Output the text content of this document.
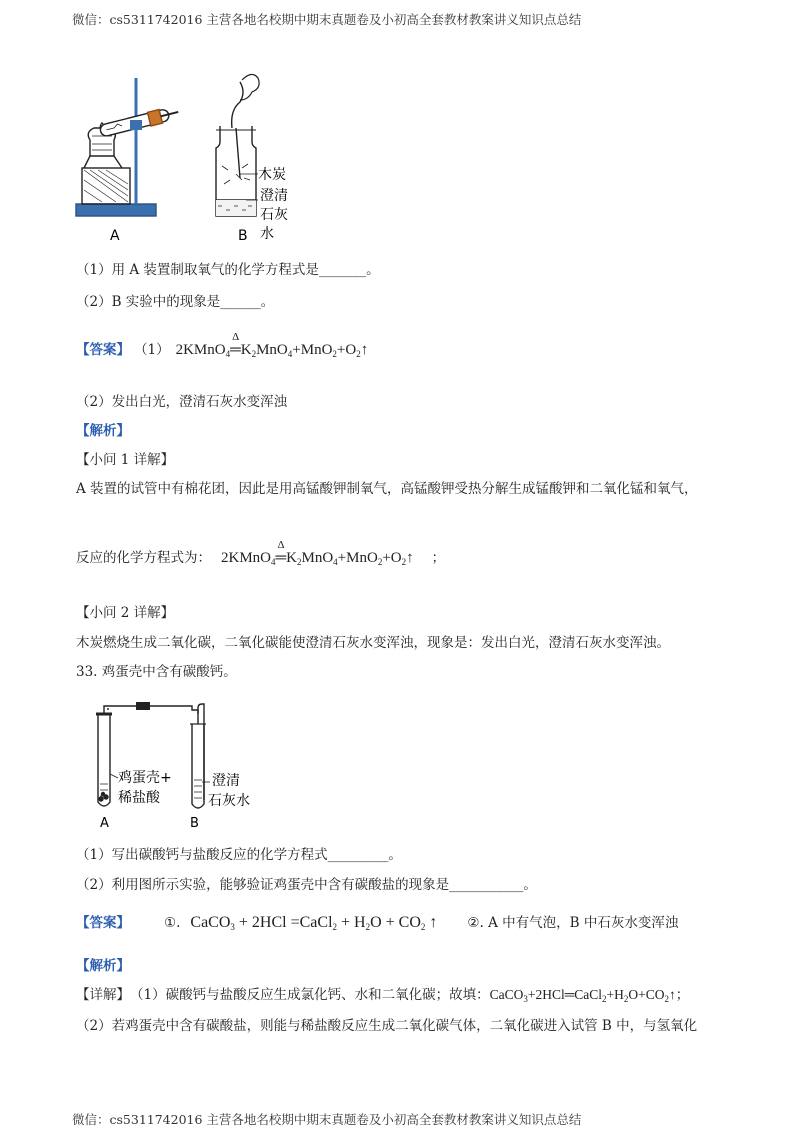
微信：cs5311742016 主营各地名校期中期末真题卷及小初高全套教材教案讲义知识点总结
A
木炭
澄清
石灰
水
B
（1）用 A 装置制取氧气的化学方程式是_______。
（2）B 实验中的现象是______。
【答案】 （1） 2KMnO$_4$
Δ
$═K_2MnO_4+MnO_2+O_2↑$
（2）发出白光，澄清石灰水变浑浊
【解析】
【小问 1 详解】
A 装置的试管中有棉花团，因此是用高锰酸钾制氧气，高锰酸钾受热分解生成锰酸钾和二氧化锰和氧气，
反应的化学方程式为： 2KMnO$_4$
Δ
$═K_2MnO_4+MnO_2+O_2↑$ ；
【小问 2 详解】
木炭燃烧生成二氧化碳，二氧化碳能使澄清石灰水变浑浊，现象是：发出白光，澄清石灰水变浑浊。
33. 鸡蛋壳中含有碳酸钙。
鸡蛋壳+
稀盐酸
澄清
石灰水
A	B
（1）写出碳酸钙与盐酸反应的化学方程式_________。
（2）利用图所示实验，能够验证鸡蛋壳中含有碳酸盐的现象是___________。
【答案】	①. CaCO$_3$ + 2HCl =CaCl$_2$ + $H_2O + CO_2$ ↑ ②. A 中有气泡，B 中石灰水变浑浊
【解析】
【详解】 （1）碳酸钙与盐酸反应生成氯化钙、水和二氧化碳；故填： $CaCO_3+2HCl═CaCl_2+H_2O+CO_2↑$；
（2）若鸡蛋壳中含有碳酸盐，则能与稀盐酸反应生成二氧化碳气体，二氧化碳进入试管 B 中，与氢氧化
微信：cs5311742016 主营各地名校期中期末真题卷及小初高全套教材教案讲义知识点总结
